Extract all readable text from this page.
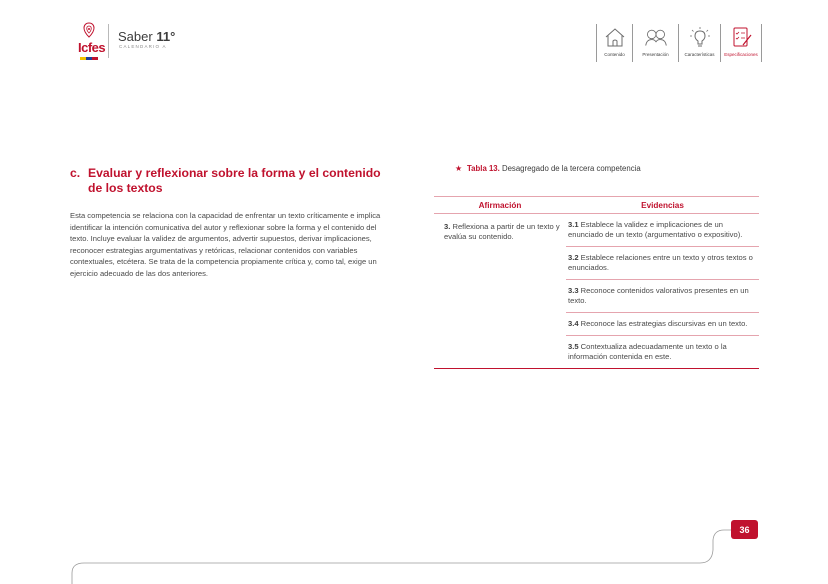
Icfes
Saber 11°
CALENDARIO A
Contenido	Presentación	Características Especificaciones
c. Evaluar y reflexionar sobre la forma y el contenido
de los textos

Esta competencia se relaciona con la capacidad de enfrentar un texto críticamente e implica identificar la intención comunicativa del autor y reflexionar sobre la forma y el contenido del texto. Incluye evaluar la validez de argumentos, advertir supuestos, derivar implicaciones, reconocer estrategias argumentativas y retóricas, relacionar contenidos con variables contextuales, etcétera. Se trata de la competencia propiamente crítica y, como tal, exige un ejercicio adecuado de las dos anteriores.

★ Tabla 13. Desagregado de la tercera competencia
Afirmación	Evidencias
3. Reflexiona a partir de un texto y evalúa su contenido.
3.1 Establece la validez e implicaciones de un enunciado de un texto (argumentativo o expositivo).
3.2 Establece relaciones entre un texto y otros textos o enunciados.
3.3 Reconoce contenidos valorativos presentes en un texto.
3.4 Reconoce las estrategias discursivas en un texto.
3.5 Contextualiza adecuadamente un texto o la información contenida en este.
36
